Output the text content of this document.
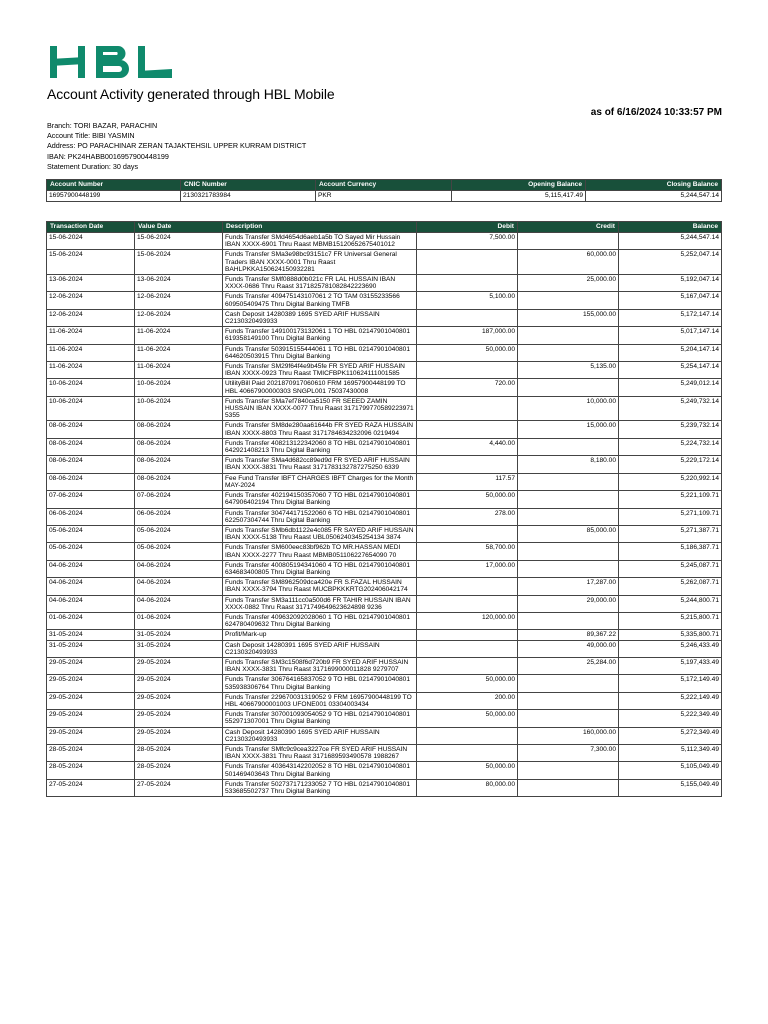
Account Activity generated through HBL Mobile
as of 6/16/2024 10:33:57 PM
Branch: TORI BAZAR, PARACHIN
Account Title: BIBI YASMIN
Address: PO PARACHINAR ZERAN TAJAKTEHSIL UPPER KURRAM DISTRICT
IBAN: PK24HABB0016957900448199
Statement Duration: 30 days
Account Number	CNIC Number	Account Currency	Opening Balance	Closing Balance
16957900448199	2130321783984	PKR	5,115,417.49	5,244,547.14
Transaction Date	Value Date	Description	Debit	Credit	Balance
15-06-2024	15-06-2024	Funds Transfer SMd4654d6aeb1a5b TO Sayed Mir Hussain IBAN XXXX-6901 Thru Raast MBMB15120652675401012	7,500.00		5,244,547.14
15-06-2024	15-06-2024	Funds Transfer SMa3e98bc93151c7 FR Universal General Traders IBAN XXXX-0001 Thru Raast BAHLPKKA150624150932281		60,000.00	5,252,047.14
13-06-2024	13-06-2024	Funds Transfer SMf0888d0b021c FR LAL HUSSAIN IBAN XXXX-0686 Thru Raast 3171825781082842223690		25,000.00	5,192,047.14
12-06-2024	12-06-2024	Funds Transfer 409475143107061 2 TO TAM 03155233566 609505409475 Thru Digital Banking TMFB	5,100.00		5,167,047.14
12-06-2024	12-06-2024	Cash Deposit 14280389 1695 SYED ARIF HUSSAIN C2130320493933		155,000.00	5,172,147.14
11-06-2024	11-06-2024	Funds Transfer 149100173132061 1 TO HBL 02147901040801 619358149100 Thru Digital Banking	187,000.00		5,017,147.14
11-06-2024	11-06-2024	Funds Transfer 503915155444061 1 TO HBL 02147901040801 644620503915 Thru Digital Banking	50,000.00		5,204,147.14
11-06-2024	11-06-2024	Funds Transfer SM29f64f4e9b45fe FR SYED ARIF HUSSAIN IBAN XXXX-0923 Thru Raast TMICFBPK110624111001585		5,135.00	5,254,147.14
10-06-2024	10-06-2024	UtilityBill Paid 2021870917060610 FRM 16957900448199 TO HBL 40667900000303 SNGPL001 75037430008	720.00		5,249,012.14
10-06-2024	10-06-2024	Funds Transfer SMa7ef7840ca5150 FR SEEED ZAMIN HUSSAIN IBAN XXXX-0077 Thru Raast 3171799770589223971 5355		10,000.00	5,249,732.14
08-06-2024	08-06-2024	Funds Transfer SM8de280aa61644b FR SYED RAZA HUSSAIN IBAN XXXX-8803 Thru Raast 3171784634232096 0219494		15,000.00	5,239,732.14
08-06-2024	08-06-2024	Funds Transfer 408213122342060 8 TO HBL 02147901040801 642921408213 Thru Digital Banking	4,440.00		5,224,732.14
08-06-2024	08-06-2024	Funds Transfer SMa4d682cc89ed9d FR SYED ARIF HUSSAIN IBAN XXXX-3831 Thru Raast 3171783132787275250 6339		8,180.00	5,229,172.14
08-06-2024	08-06-2024	Fee Fund Transfer IBFT CHARGES IBFT Charges for the Month MAY-2024	117.57		5,220,992.14
07-06-2024	07-06-2024	Funds Transfer 402194150357060 7 TO HBL 02147901040801 647906402194 Thru Digital Banking	50,000.00		5,221,109.71
06-06-2024	06-06-2024	Funds Transfer 304744171522060 6 TO HBL 02147901040801 622507304744 Thru Digital Banking	278.00		5,271,109.71
05-06-2024	05-06-2024	Funds Transfer SMb6db1122e4c085 FR SAYED ARIF HUSSAIN IBAN XXXX-5138 Thru Raast UBL0506240345254134 3874		85,000.00	5,271,387.71
05-06-2024	05-06-2024	Funds Transfer SM600eec83bf962b TO MR.HASSAN MEDI IBAN XXXX-2277 Thru Raast MBMB051106227654090 70	58,700.00		5,186,387.71
04-06-2024	04-06-2024	Funds Transfer 400805194341060 4 TO HBL 02147901040801 634683400805 Thru Digital Banking	17,000.00		5,245,087.71
04-06-2024	04-06-2024	Funds Transfer SM8962509dca420e FR S.FAZAL HUSSAIN IBAN XXXX-3794 Thru Raast MUCBPKKKRTG202406042174		17,287.00	5,262,087.71
04-06-2024	04-06-2024	Funds Transfer SM3a111cc0a500d6 FR TAHIR HUSSAIN IBAN XXXX-0882 Thru Raast 3171749649623624898 9236		29,000.00	5,244,800.71
01-06-2024	01-06-2024	Funds Transfer 409632092028060 1 TO HBL 02147901040801 624780409632 Thru Digital Banking	120,000.00		5,215,800.71
31-05-2024	31-05-2024	Profit/Mark-up		89,367.22	5,335,800.71
31-05-2024	31-05-2024	Cash Deposit 14280391 1695 SYED ARIF HUSSAIN C2130320493933		49,000.00	5,246,433.49
29-05-2024	29-05-2024	Funds Transfer SM3c1508f6d720b9 FR SYED ARIF HUSSAIN IBAN XXXX-3831 Thru Raast 3171699000011828 9279707		25,284.00	5,197,433.49
29-05-2024	29-05-2024	Funds Transfer 306764165837052 9 TO HBL 02147901040801 535938306764 Thru Digital Banking	50,000.00		5,172,149.49
29-05-2024	29-05-2024	Funds Transfer 229670031319052 9 FRM 16957900448199 TO HBL 40667900001003 UFONE001 03304003434	200.00		5,222,149.49
29-05-2024	29-05-2024	Funds Transfer 307001093054052 9 TO HBL 02147901040801 552971307001 Thru Digital Banking	50,000.00		5,222,349.49
29-05-2024	29-05-2024	Cash Deposit 14280390 1695 SYED ARIF HUSSAIN C2130320493933		160,000.00	5,272,349.49
28-05-2024	28-05-2024	Funds Transfer SMfc9c9cea3227ce FR SYED ARIF HUSSAIN IBAN XXXX-3831 Thru Raast 3171689593490578 1988267		7,300.00	5,112,349.49
28-05-2024	28-05-2024	Funds Transfer 403643142202052 8 TO HBL 02147901040801 501469403643 Thru Digital Banking	50,000.00		5,105,049.49
27-05-2024	27-05-2024	Funds Transfer 502737171233052 7 TO HBL 02147901040801 533685502737 Thru Digital Banking	80,000.00		5,155,049.49
